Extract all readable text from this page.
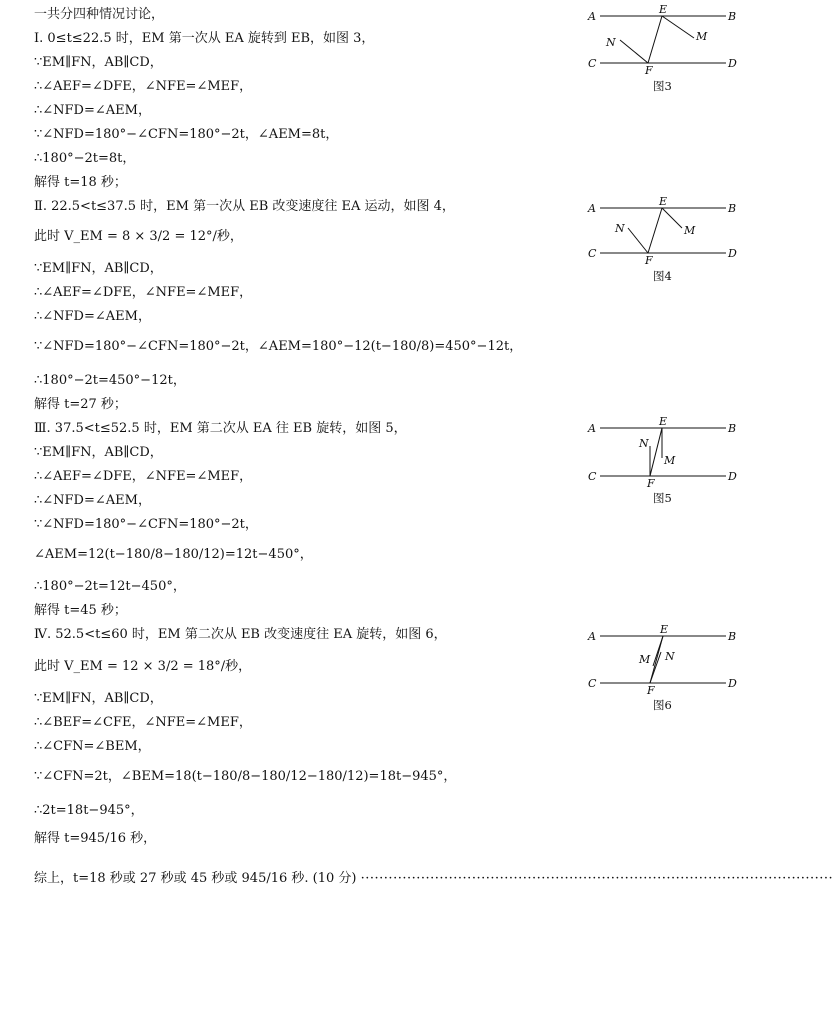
一共分四种情况讨论，
Ⅰ. 0≤t≤22.5 时，EM 第一次从 EA 旋转到 EB，如图 3，
∵EM∥FN，AB∥CD，
∴∠AEF=∠DFE，∠NFE=∠MEF，
∴∠NFD=∠AEM，
∵∠NFD=180°−∠CFN=180°−2t，∠AEM=8t，
∴180°−2t=8t，
解得 t=18 秒；
Ⅱ. 22.5<t≤37.5 时，EM 第一次从 EB 改变速度往 EA 运动，如图 4，
此时 V_EM = 8 × 3/2 = 12°/秒，
∵EM∥FN，AB∥CD，
∴∠AEF=∠DFE，∠NFE=∠MEF，
∴∠NFD=∠AEM，
∵∠NFD=180°−∠CFN=180°−2t，∠AEM=180°−12(t−180/8)=450°−12t，
∴180°−2t=450°−12t，
解得 t=27 秒；
Ⅲ. 37.5<t≤52.5 时，EM 第二次从 EA 往 EB 旋转，如图 5，
∵EM∥FN，AB∥CD，
∴∠AEF=∠DFE，∠NFE=∠MEF，
∴∠NFD=∠AEM，
∵∠NFD=180°−∠CFN=180°−2t，
∠AEM=12(t−180/8−180/12)=12t−450°，
∴180°−2t=12t−450°，
解得 t=45 秒；
Ⅳ. 52.5<t≤60 时，EM 第二次从 EB 改变速度往 EA 旋转，如图 6，
此时 V_EM = 12 × 3/2 = 18°/秒，
∵EM∥FN，AB∥CD，
∴∠BEF=∠CFE，∠NFE=∠MEF，
∴∠CFN=∠BEM，
∵∠CFN=2t，∠BEM=18(t−180/8−180/12−180/12)=18t−945°，
∴2t=18t−945°，
解得 t=945/16 秒，
综上，t=18 秒或 27 秒或 45 秒或 945/16 秒. (10 分) ······································································································
A	B
C	D
E
F
M
N
图3
A	B
C	D
E
F
M
N
图4
A	B
C	D
E
F
M
N
图5
A	B
C	D
E
F
M N
图6
